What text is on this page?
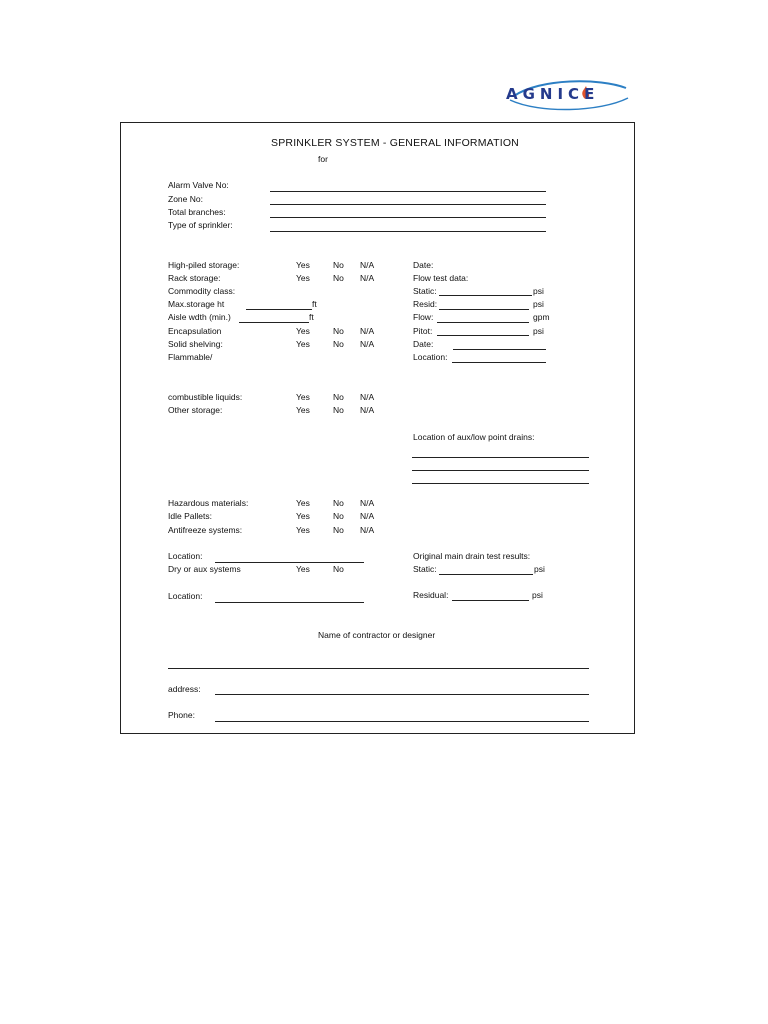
AGNICE
SPRINKLER SYSTEM - GENERAL INFORMATION
for
Alarm Valve No:
Zone No:
Total branches:
Type of sprinkler:
High-piled storage:	Yes	No N/A
Rack storage:	Yes	No N/A
Commodity class:
Max.storage ht	ft
Aisle wdth (min.)	ft
Encapsulation	Yes	No N/A
Solid shelving:	Yes	No N/A
Flammable/
combustible liquids:	Yes	No N/A
Other storage:	Yes	No N/A
Date:
Flow test data:
Static:	psi
Resid:	psi
Flow:	gpm
Pitot:	psi
Date:
Location:
Location of aux/low point drains:
Hazardous materials:	Yes	No N/A
Idle Pallets:	Yes	No N/A
Antifreeze systems:	Yes	No N/A
Location:
Dry or aux systems	Yes	No
Location:
Original main drain test results:
Static:	psi
Residual:	psi
Name of contractor or designer
address:
Phone:
